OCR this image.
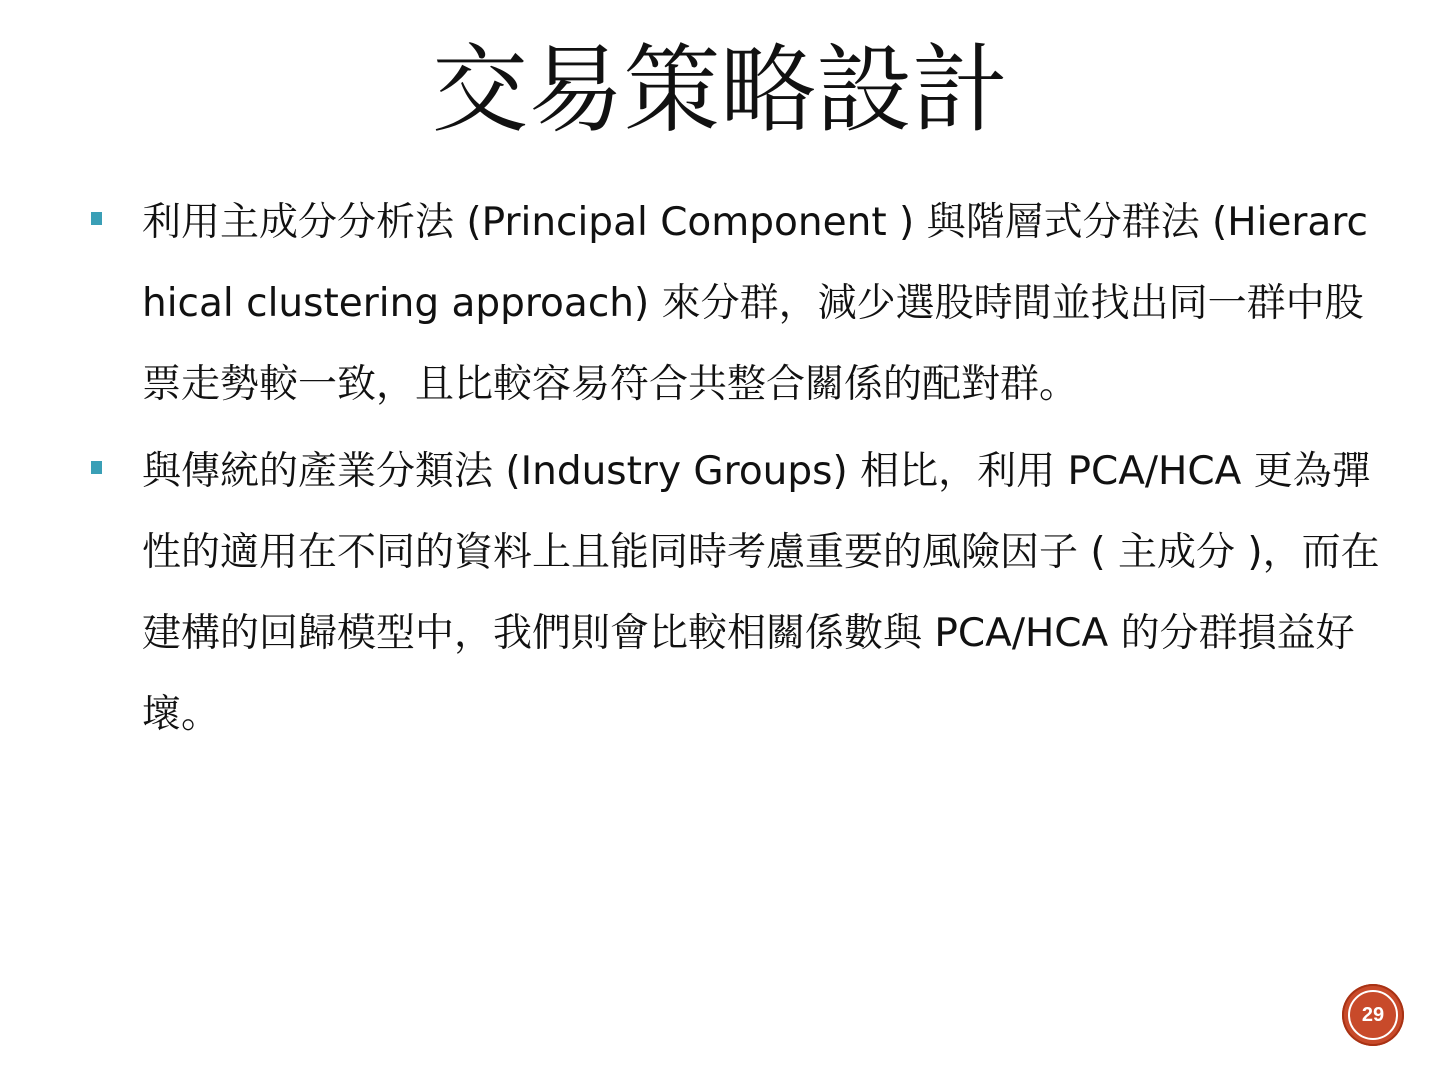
交易策略設計
利用主成分分析法 (Principal Component ) 與階層式分群法 (Hierarchical clustering approach) 來分群，減少選股時間並找出同一群中股票走勢較一致，且比較容易符合共整合關係的配對群。
與傳統的產業分類法 (Industry Groups) 相比，利用 PCA/HCA 更為彈性的適用在不同的資料上且能同時考慮重要的風險因子 ( 主成分 )，而在建構的回歸模型中，我們則會比較相關係數與 PCA/HCA 的分群損益好壞。
29
